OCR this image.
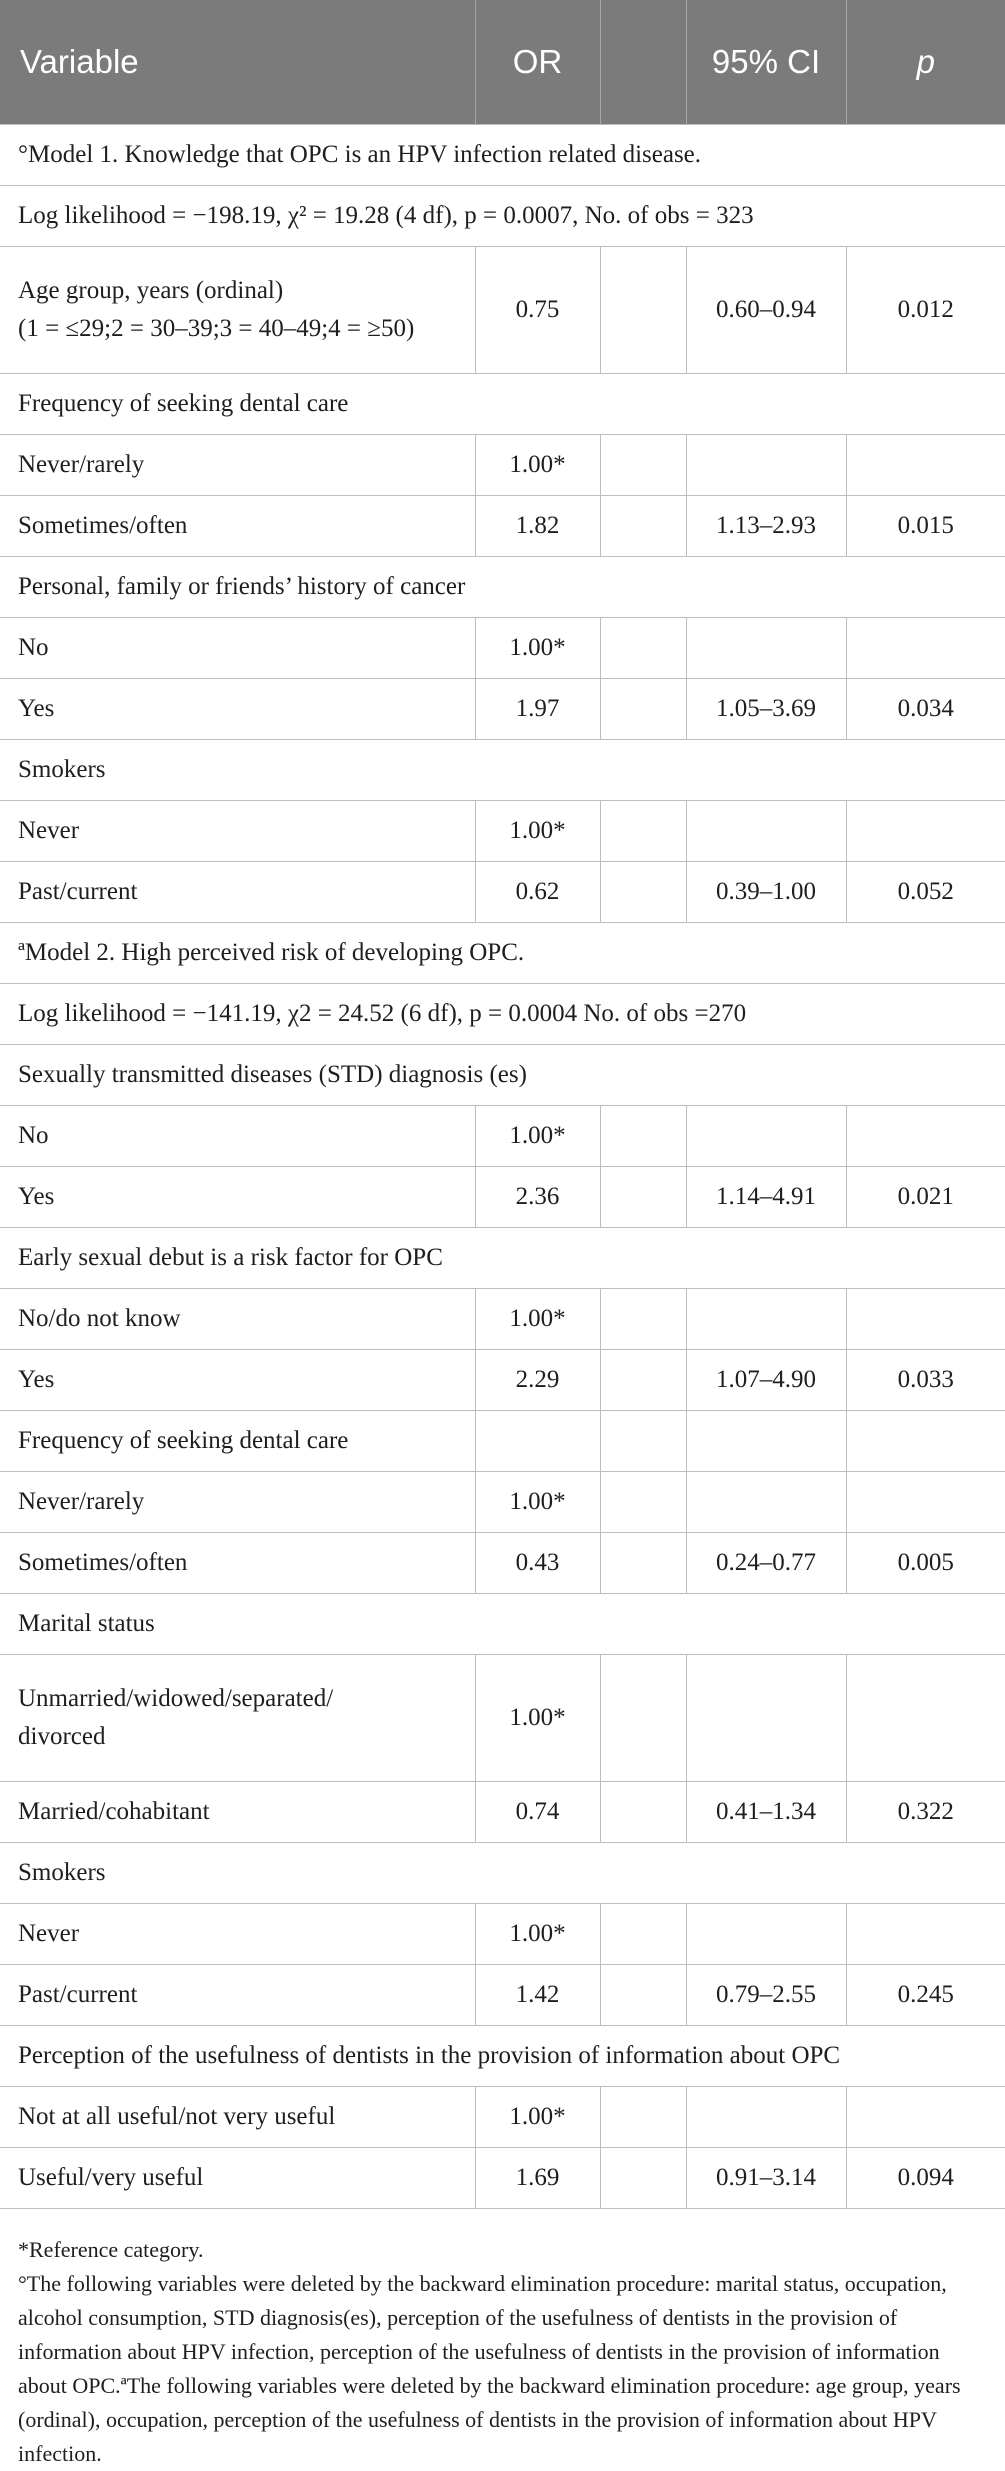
Variable	OR		95% CI	p
°Model 1. Knowledge that OPC is an HPV infection related disease.				
Log likelihood = −198.19, χ² = 19.28 (4 df), p = 0.0007, No. of obs = 323				
Age group, years (ordinal)
(1 = ≤29;2 = 30–39;3 = 40–49;4 = ≥50)	0.75		0.60–0.94	0.012
Frequency of seeking dental care				
Never/rarely	1.00*			
Sometimes/often	1.82		1.13–2.93	0.015
Personal, family or friends’ history of cancer				
No	1.00*			
Yes	1.97		1.05–3.69	0.034
Smokers				
Never	1.00*			
Past/current	0.62		0.39–1.00	0.052
ªModel 2. High perceived risk of developing OPC.				
Log likelihood = −141.19, χ2 = 24.52 (6 df), p = 0.0004 No. of obs =270				
Sexually transmitted diseases (STD) diagnosis (es)				
No	1.00*			
Yes	2.36		1.14–4.91	0.021
Early sexual debut is a risk factor for OPC				
No/do not know	1.00*			
Yes	2.29		1.07–4.90	0.033
Frequency of seeking dental care				
Never/rarely	1.00*			
Sometimes/often	0.43		0.24–0.77	0.005
Marital status				
Unmarried/widowed/separated/
divorced	1.00*			
Married/cohabitant	0.74		0.41–1.34	0.322
Smokers				
Never	1.00*			
Past/current	1.42		0.79–2.55	0.245
Perception of the usefulness of dentists in the provision of information about OPC				
Not at all useful/not very useful	1.00*			
Useful/very useful	1.69		0.91–3.14	0.094

*Reference category.

°The following variables were deleted by the backward elimination procedure: marital status, occupation, alcohol consumption, STD diagnosis(es), perception of the usefulness of dentists in the provision of information about HPV infection, perception of the usefulness of dentists in the provision of information about OPC.ªThe following variables were deleted by the backward elimination procedure: age group, years (ordinal), occupation, perception of the usefulness of dentists in the provision of information about HPV infection.
